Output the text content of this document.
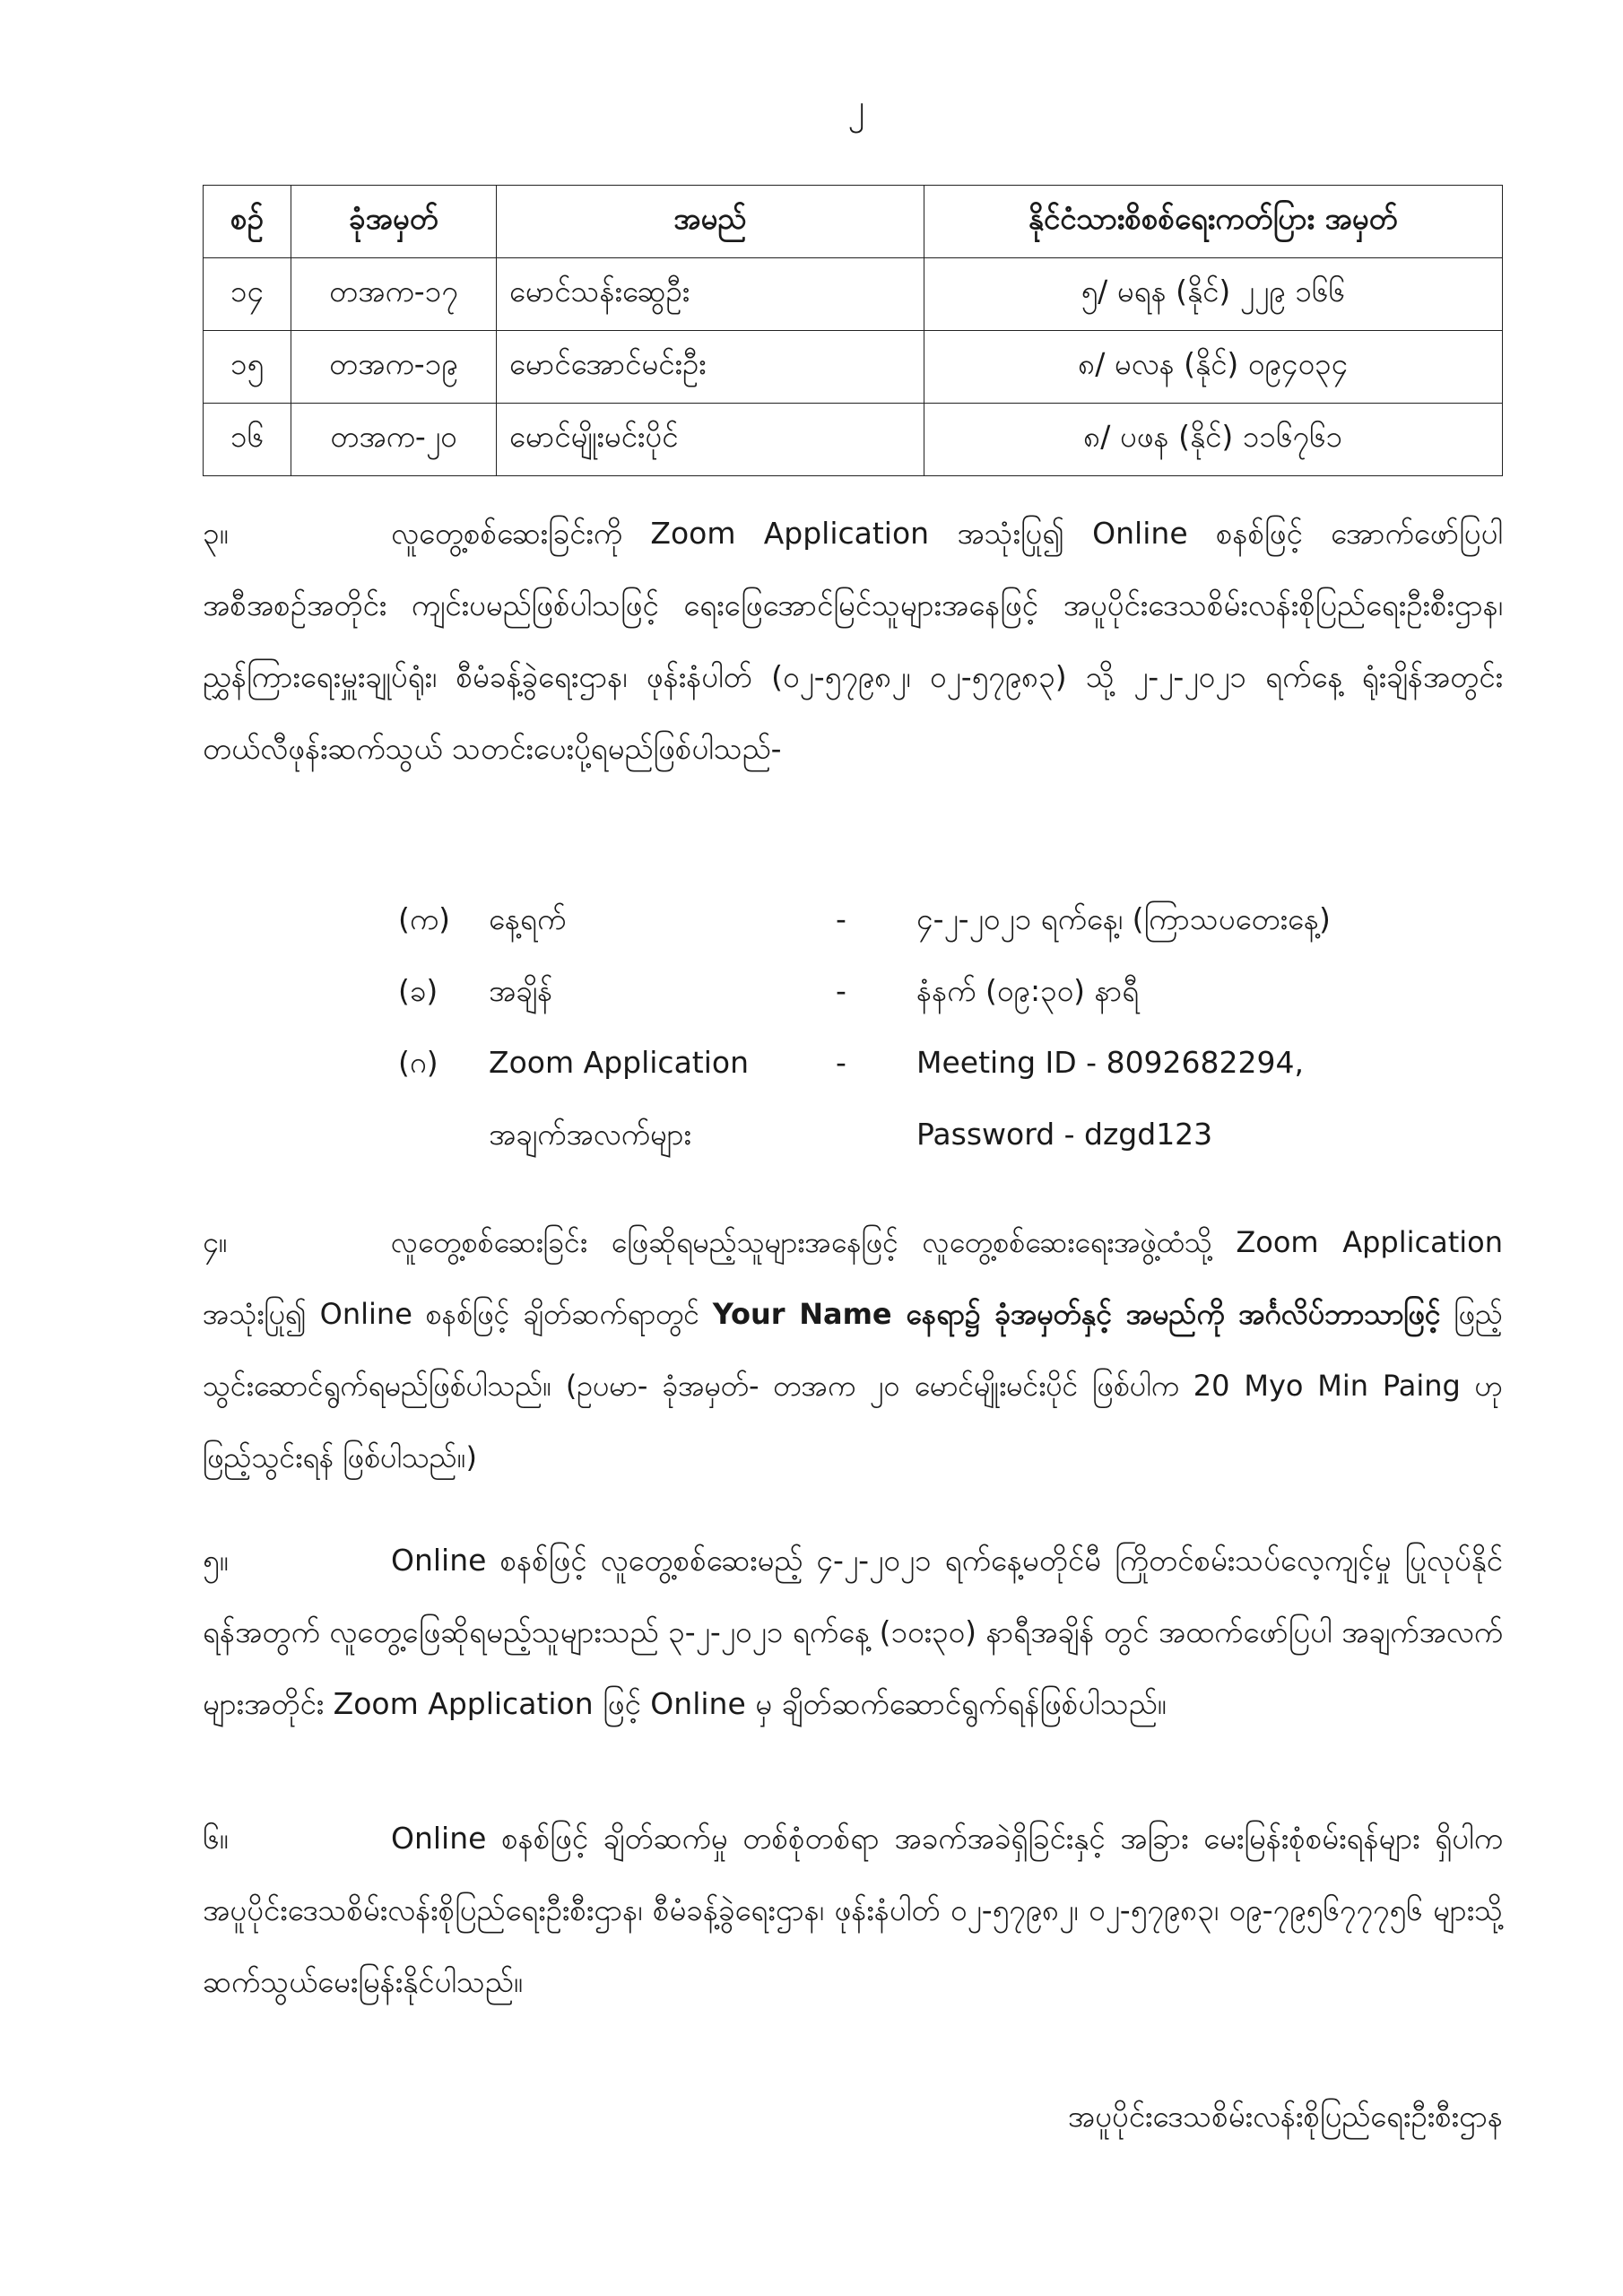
၂
စဉ်	ခုံအမှတ်	အမည်	နိုင်ငံသားစိစစ်ရေးကတ်ပြား အမှတ်
၁၄	တအက-၁၇	မောင်သန်းဆွေဦး	၅/ မရန (နိုင်) ၂၂၉ ၁၆၆
၁၅	တအက-၁၉	မောင်အောင်မင်းဦး	၈/ မလန (နိုင်) ၀၉၄၀၃၄
၁၆	တအက-၂၀	မောင်မျိုးမင်းပိုင်	၈/ ပဖန (နိုင်) ၁၁၆၇၆၁
၃။	လူတွေ့စစ်ဆေးခြင်းကို Zoom Application အသုံးပြု၍ Online စနစ်ဖြင့် အောက်ဖော်ပြပါ အစီအစဉ်အတိုင်း ကျင်းပမည်ဖြစ်ပါသဖြင့် ရေးဖြေအောင်မြင်သူများအနေဖြင့် အပူပိုင်းဒေသစိမ်းလန်းစိုပြည်ရေးဦးစီးဌာန၊ ညွှန်ကြားရေးမှူးချုပ်ရုံး၊ စီမံခန့်ခွဲရေးဌာန၊ ဖုန်းနံပါတ် (၀၂-၅၇၉၈၂၊ ၀၂-၅၇၉၈၃) သို့ ၂-၂-၂၀၂၁ ရက်နေ့ ရုံးချိန်အတွင်း တယ်လီဖုန်းဆက်သွယ် သတင်းပေးပို့ရမည်ဖြစ်ပါသည်-
(က) နေ့ရက်	- ၄-၂-၂၀၂၁ ရက်နေ့၊ (ကြာသပတေးနေ့)
(ခ) အချိန်	- နံနက် (၀၉:၃၀) နာရီ
(ဂ) Zoom Application	- Meeting ID - 8092682294,
အချက်အလက်များ	Password - dzgd123
၄။	လူတွေ့စစ်ဆေးခြင်း ဖြေဆိုရမည့်သူများအနေဖြင့် လူတွေ့စစ်ဆေးရေးအဖွဲ့ထံသို့ Zoom Application အသုံးပြု၍ Online စနစ်ဖြင့် ချိတ်ဆက်ရာတွင် Your Name နေရာ၌ ခုံအမှတ်နှင့် အမည်ကို အင်္ဂလိပ်ဘာသာဖြင့် ဖြည့်သွင်းဆောင်ရွက်ရမည်ဖြစ်ပါသည်။ (ဥပမာ- ခုံအမှတ်- တအက ၂၀ မောင်မျိုးမင်းပိုင် ဖြစ်ပါက 20 Myo Min Paing ဟု ဖြည့်သွင်းရန် ဖြစ်ပါသည်။)
၅။	Online စနစ်ဖြင့် လူတွေ့စစ်ဆေးမည့် ၄-၂-၂၀၂၁ ရက်နေ့မတိုင်မီ ကြိုတင်စမ်းသပ်လေ့ကျင့်မှု ပြုလုပ်နိုင်ရန်အတွက် လူတွေ့ဖြေဆိုရမည့်သူများသည် ၃-၂-၂၀၂၁ ရက်နေ့ (၁၀း၃၀) နာရီအချိန် တွင် အထက်ဖော်ပြပါ အချက်အလက်များအတိုင်း Zoom Application ဖြင့် Online မှ ချိတ်ဆက်ဆောင်ရွက်ရန်ဖြစ်ပါသည်။
၆။	Online စနစ်ဖြင့် ချိတ်ဆက်မှု တစ်စုံတစ်ရာ အခက်အခဲရှိခြင်းနှင့် အခြား မေးမြန်းစုံစမ်းရန်များ ရှိပါက အပူပိုင်းဒေသစိမ်းလန်းစိုပြည်ရေးဦးစီးဌာန၊ စီမံခန့်ခွဲရေးဌာန၊ ဖုန်းနံပါတ် ၀၂-၅၇၉၈၂၊ ၀၂-၅၇၉၈၃၊ ၀၉-၇၉၅၆၇၇၇၅၆ များသို့ ဆက်သွယ်မေးမြန်းနိုင်ပါသည်။
အပူပိုင်းဒေသစိမ်းလန်းစိုပြည်ရေးဦးစီးဌာန
